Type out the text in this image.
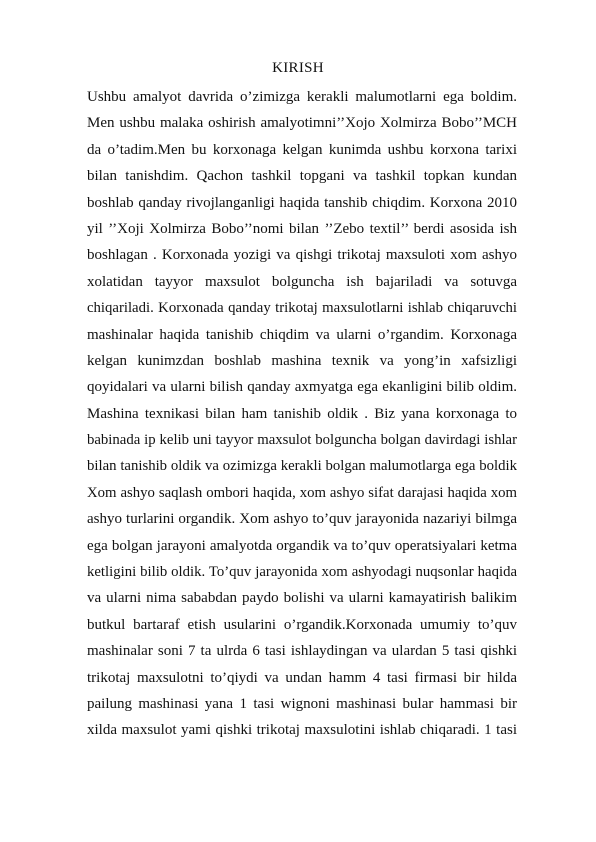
KIRISH
Ushbu amalyot davrida o’zimizga kerakli malumotlarni ega boldim.
Men ushbu malaka oshirish amalyotimni’’Xojo Xolmirza Bobo’’MCH
da o’tadim.Men bu korxonaga kelgan kunimda ushbu korxona tarixi
bilan tanishdim. Qachon tashkil topgani va tashkil topkan kundan
boshlab qanday rivojlanganligi haqida tanshib chiqdim. Korxona 2010
yil ’’Xoji Xolmirza Bobo’’nomi bilan ’’Zebo textil’’ berdi asosida ish
boshlagan . Korxonada yozigi va qishgi trikotaj maxsuloti xom ashyo
xolatidan tayyor maxsulot bolguncha ish bajariladi va sotuvga
chiqariladi. Korxonada qanday trikotaj maxsulotlarni ishlab chiqaruvchi
mashinalar haqida tanishib chiqdim va ularni o’rgandim. Korxonaga
kelgan kunimzdan boshlab mashina texnik va yong’in xafsizligi
qoyidalari va ularni bilish qanday axmyatga ega ekanligini bilib oldim.
Mashina texnikasi bilan ham tanishib oldik . Biz yana korxonaga to
babinada ip kelib uni tayyor maxsulot bolguncha bolgan davirdagi ishlar
bilan tanishib oldik va ozimizga kerakli bolgan malumotlarga ega boldik
Xom ashyo saqlash ombori haqida, xom ashyo sifat darajasi haqida xom
ashyo turlarini organdik. Xom ashyo to’quv jarayonida nazariyi bilmga
ega bolgan jarayoni amalyotda organdik va to’quv operatsiyalari ketma
ketligini bilib oldik. To’quv jarayonida xom ashyodagi nuqsonlar haqida
va ularni nima sababdan paydo bolishi va ularni kamayatirish balikim
butkul bartaraf etish usularini o’rgandik.Korxonada umumiy to’quv
mashinalar soni 7 ta ulrda 6 tasi ishlaydingan va ulardan 5 tasi qishki
trikotaj maxsulotni to’qiydi va undan hamm 4 tasi firmasi bir hilda
pailung mashinasi yana 1 tasi wignoni mashinasi bular hammasi bir
xilda maxsulot yami qishki trikotaj maxsulotini ishlab chiqaradi. 1 tasi
